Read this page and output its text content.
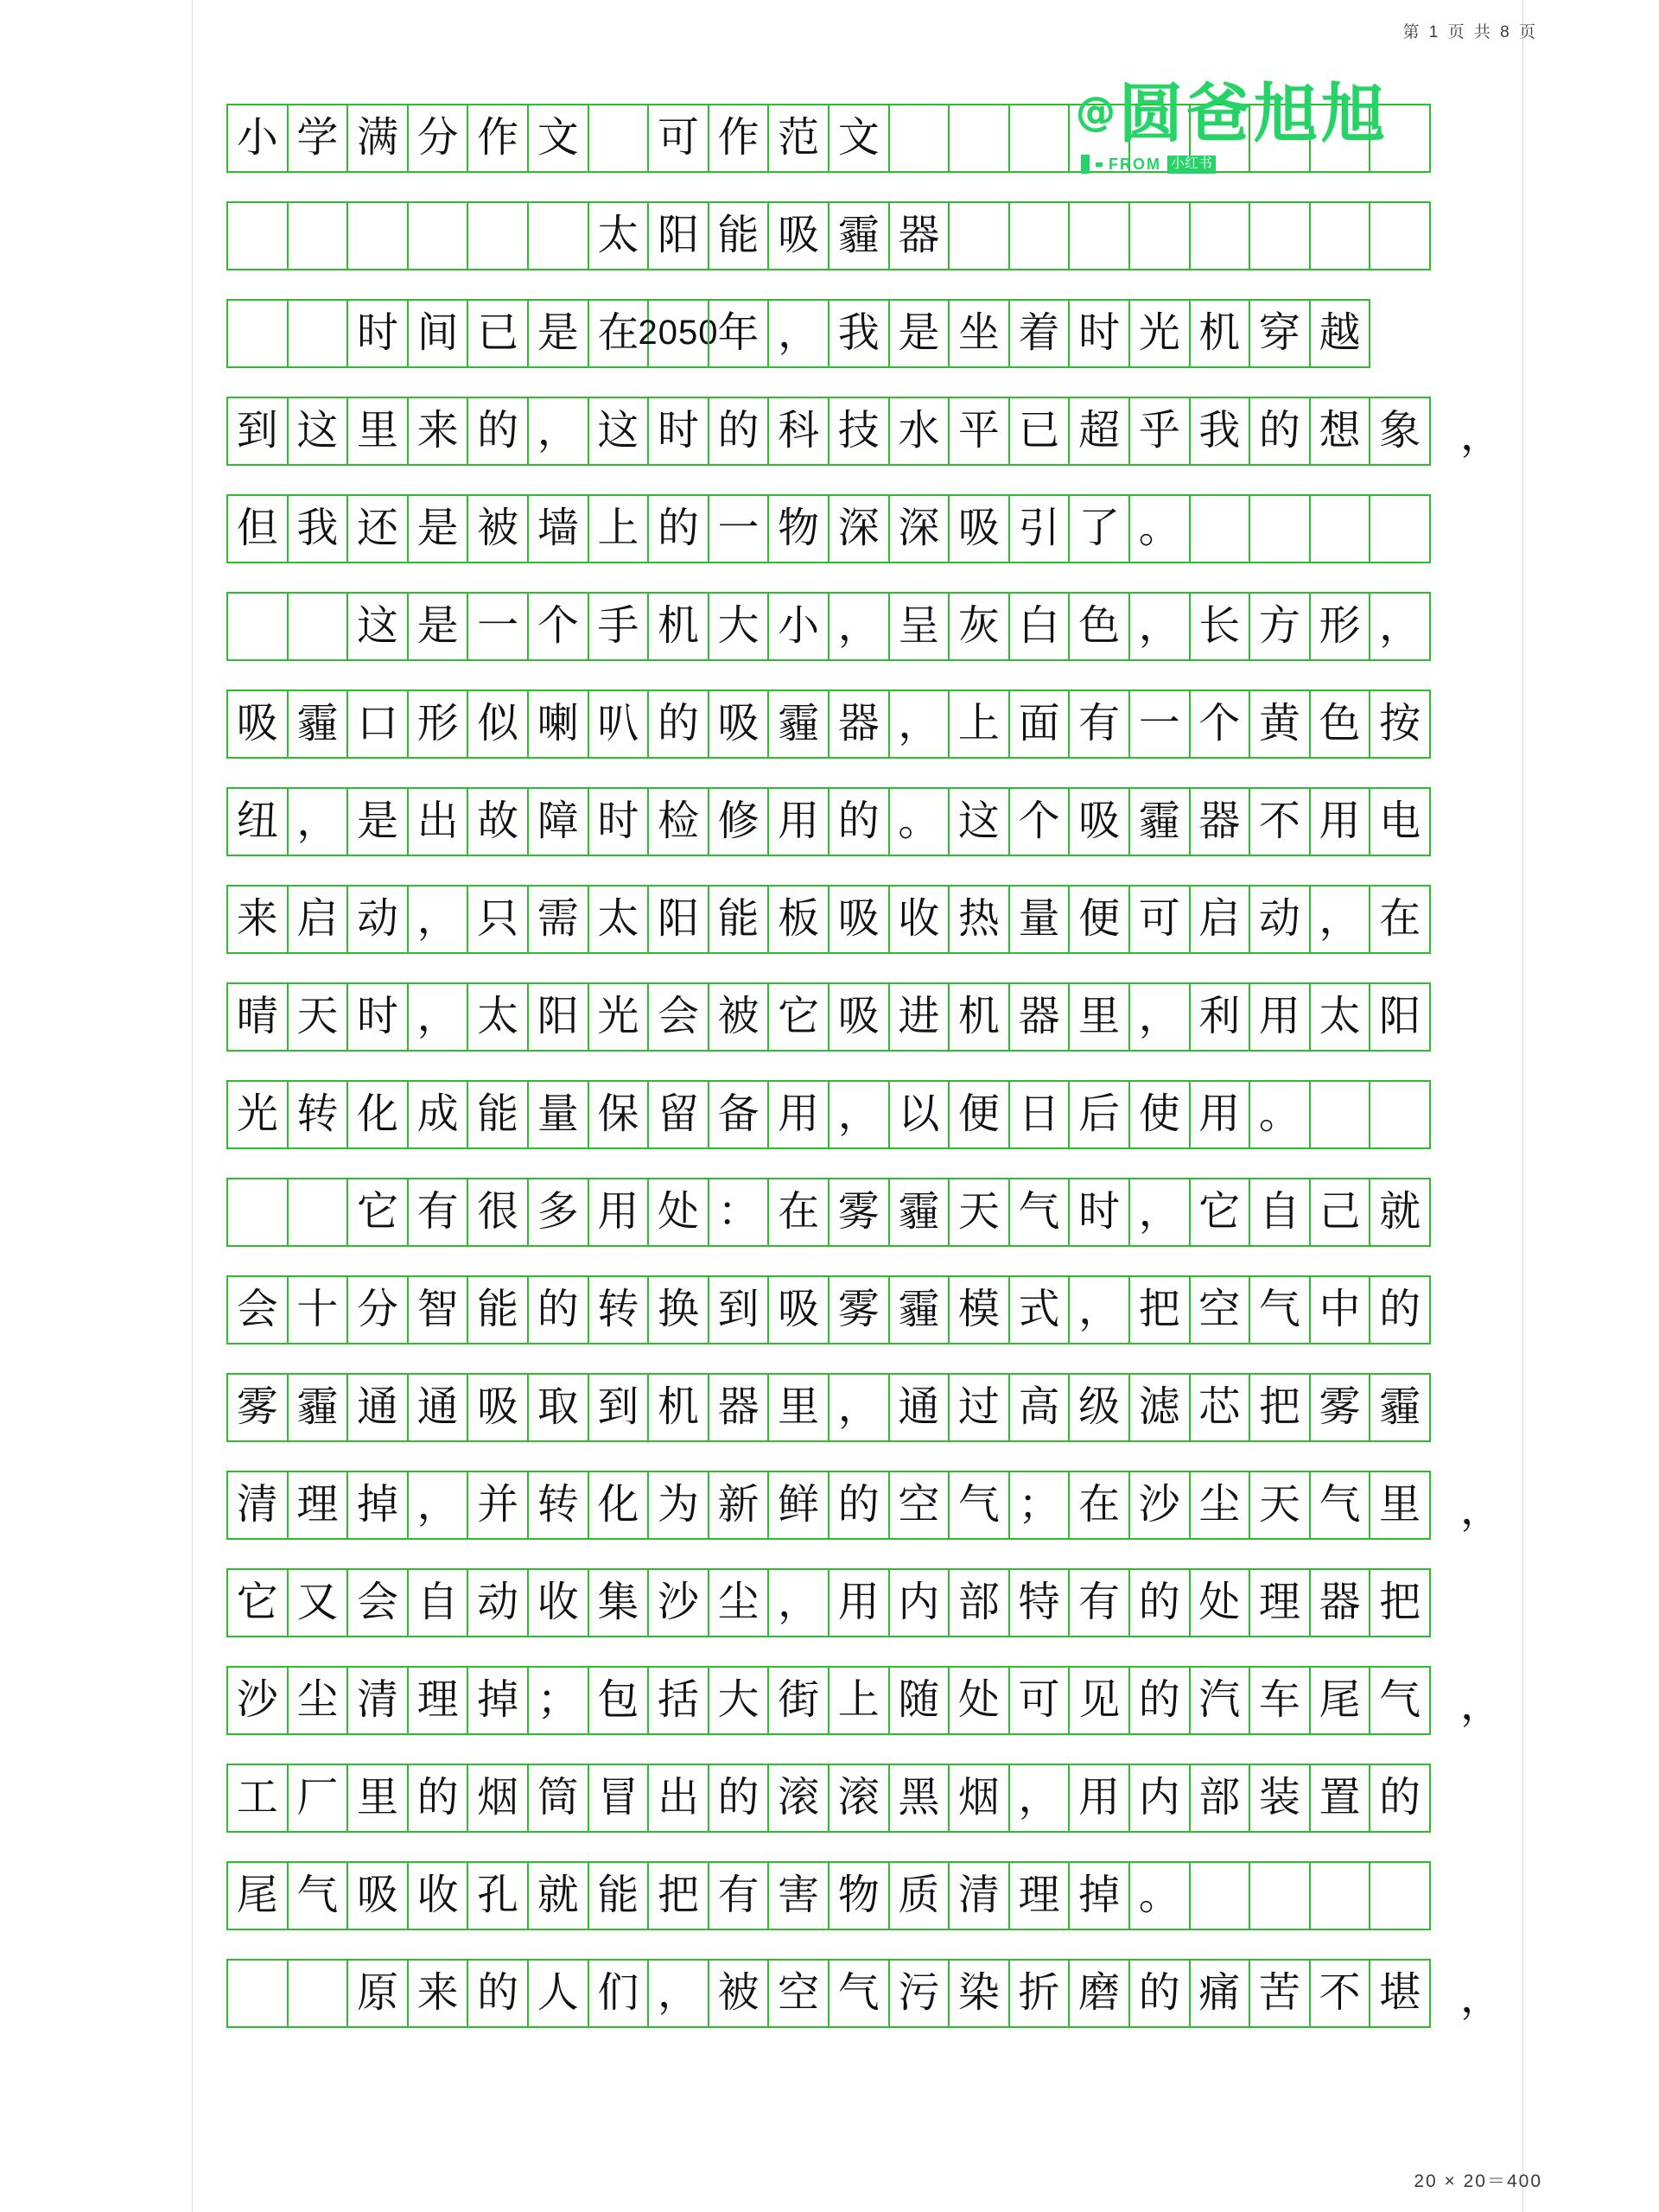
第 1 页 共 8 页
小 学 满 分 作 文 可 作 范 文
太 阳 能 吸 霾 器
时 间 已 是 在 2050 年 ， 我 是 坐 着 时 光 机 穿 越
到 这 里 来 的 ， 这 时 的 科 技 水 平 已 超 乎 我 的 想 象 ，
但 我 还 是 被 墙 上 的 一 物 深 深 吸 引 了 。
这 是 一 个 手 机 大 小 ， 呈 灰 白 色 ， 长 方 形 ，
吸 霾 口 形 似 喇 叭 的 吸 霾 器 ， 上 面 有 一 个 黄 色 按
纽 ， 是 出 故 障 时 检 修 用 的 。 这 个 吸 霾 器 不 用 电
来 启 动 ， 只 需 太 阳 能 板 吸 收 热 量 便 可 启 动 ， 在
晴 天 时 ， 太 阳 光 会 被 它 吸 进 机 器 里 ， 利 用 太 阳
光 转 化 成 能 量 保 留 备 用 ， 以 便 日 后 使 用 。
它 有 很 多 用 处 ： 在 雾 霾 天 气 时 ， 它 自 己 就
会 十 分 智 能 的 转 换 到 吸 雾 霾 模 式 ， 把 空 气 中 的
雾 霾 通 通 吸 取 到 机 器 里 ， 通 过 高 级 滤 芯 把 雾 霾
清 理 掉 ， 并 转 化 为 新 鲜 的 空 气 ； 在 沙 尘 天 气 里 ，
它 又 会 自 动 收 集 沙 尘 ， 用 内 部 特 有 的 处 理 器 把
沙 尘 清 理 掉 ； 包 括 大 街 上 随 处 可 见 的 汽 车 尾 气 ，
工 厂 里 的 烟 筒 冒 出 的 滚 滚 黑 烟 ， 用 内 部 装 置 的
尾 气 吸 收 孔 就 能 把 有 害 物 质 清 理 掉 。
原 来 的 人 们 ， 被 空 气 污 染 折 磨 的 痛 苦 不 堪 ，
@圆爸旭旭
FROM 小红书
20 × 20＝400
